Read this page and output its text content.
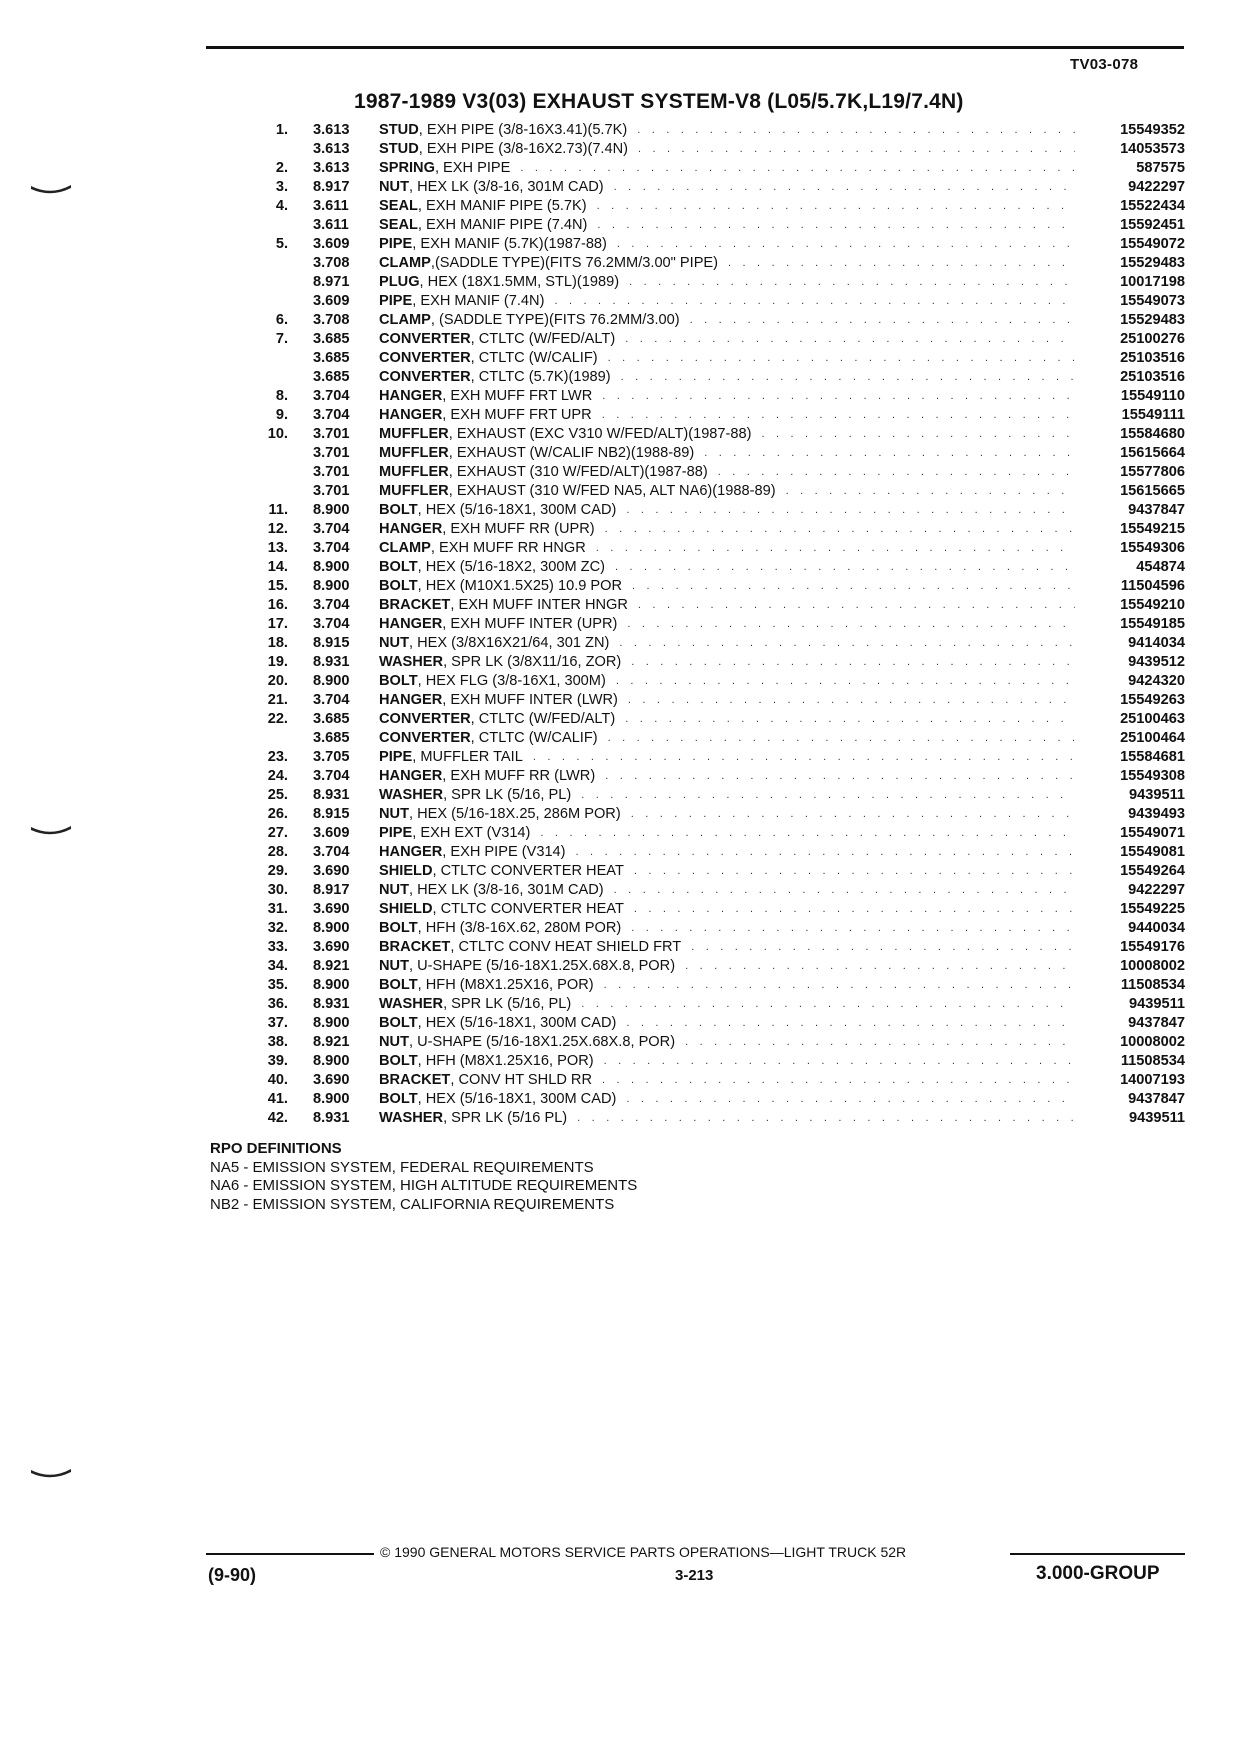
TV03-078
1987-1989 V3(03) EXHAUST SYSTEM-V8 (L05/5.7K,L19/7.4N)
1. 3.613	STUD , EXH PIPE (3/8-16X3.41)(5.7K) . . .	15549352
3.613	STUD , EXH PIPE (3/8-16X2.73)(7.4N) . . .	14053573
2. 3.613	SPRING , EXH PIPE . . .	587575
3. 8.917	NUT , HEX LK (3/8-16, 301M CAD) . . .	9422297
4. 3.611	SEAL , EXH MANIF PIPE (5.7K) . . .	15522434
3.611	SEAL , EXH MANIF PIPE (7.4N) . . .	15592451
5. 3.609	PIPE , EXH MANIF (5.7K)(1987-88) . . .	15549072
3.708	CLAMP ,(SADDLE TYPE)(FITS 76.2MM/3.00" PIPE) . . .	15529483
8.971	PLUG , HEX (18X1.5MM, STL)(1989) . . .	10017198
3.609	PIPE , EXH MANIF (7.4N) . . .	15549073
6. 3.708	CLAMP , (SADDLE TYPE)(FITS 76.2MM/3.00) . . .	15529483
7. 3.685	CONVERTER , CTLTC (W/FED/ALT) . . .	25100276
3.685	CONVERTER , CTLTC (W/CALIF) . . .	25103516
3.685	CONVERTER , CTLTC (5.7K)(1989) . . .	25103516
8. 3.704	HANGER , EXH MUFF FRT LWR . . .	15549110
9. 3.704	HANGER , EXH MUFF FRT UPR . . .	15549111
10. 3.701	MUFFLER , EXHAUST (EXC V310 W/FED/ALT)(1987-88) . . .	15584680
3.701	MUFFLER , EXHAUST (W/CALIF NB2)(1988-89) . . .	15615664
3.701	MUFFLER , EXHAUST (310 W/FED/ALT)(1987-88) . . .	15577806
3.701	MUFFLER , EXHAUST (310 W/FED NA5, ALT NA6)(1988-89) . . .	15615665
11. 8.900	BOLT , HEX (5/16-18X1, 300M CAD) . . .	9437847
12. 3.704	HANGER , EXH MUFF RR (UPR) . . .	15549215
13. 3.704	CLAMP , EXH MUFF RR HNGR . . .	15549306
14. 8.900	BOLT , HEX (5/16-18X2, 300M ZC) . . .	454874
15. 8.900	BOLT , HEX (M10X1.5X25) 10.9 POR . . .	11504596
16. 3.704	BRACKET , EXH MUFF INTER HNGR . . .	15549210
17. 3.704	HANGER , EXH MUFF INTER (UPR) . . .	15549185
18. 8.915	NUT , HEX (3/8X16X21/64, 301 ZN) . . .	9414034
19. 8.931	WASHER , SPR LK (3/8X11/16, ZOR) . . .	9439512
20. 8.900	BOLT , HEX FLG (3/8-16X1, 300M) . . .	9424320
21. 3.704	HANGER , EXH MUFF INTER (LWR) . . .	15549263
22. 3.685	CONVERTER , CTLTC (W/FED/ALT) . . .	25100463
3.685	CONVERTER , CTLTC (W/CALIF) . . .	25100464
23. 3.705	PIPE , MUFFLER TAIL . . .	15584681
24. 3.704	HANGER , EXH MUFF RR (LWR) . . .	15549308
25. 8.931	WASHER , SPR LK (5/16, PL) . . .	9439511
26. 8.915	NUT , HEX (5/16-18X.25, 286M POR) . . .	9439493
27. 3.609	PIPE , EXH EXT (V314) . . .	15549071
28. 3.704	HANGER , EXH PIPE (V314) . . .	15549081
29. 3.690	SHIELD , CTLTC CONVERTER HEAT . . .	15549264
30. 8.917	NUT , HEX LK (3/8-16, 301M CAD) . . .	9422297
31. 3.690	SHIELD , CTLTC CONVERTER HEAT . . .	15549225
32. 8.900	BOLT , HFH (3/8-16X.62, 280M POR) . . .	9440034
33. 3.690	BRACKET , CTLTC CONV HEAT SHIELD FRT . . .	15549176
34. 8.921	NUT , U-SHAPE (5/16-18X1.25X.68X.8, POR) . . .	10008002
35. 8.900	BOLT , HFH (M8X1.25X16, POR) . . .	11508534
36. 8.931	WASHER , SPR LK (5/16, PL) . . .	9439511
37. 8.900	BOLT , HEX (5/16-18X1, 300M CAD) . . .	9437847
38. 8.921	NUT , U-SHAPE (5/16-18X1.25X.68X.8, POR) . . .	10008002
39. 8.900	BOLT , HFH (M8X1.25X16, POR) . . .	11508534
40. 3.690	BRACKET , CONV HT SHLD RR . . .	14007193
41. 8.900	BOLT , HEX (5/16-18X1, 300M CAD) . . .	9437847
42. 8.931	WASHER , SPR LK (5/16 PL) . . .	9439511
RPO DEFINITIONS
NA5 - EMISSION SYSTEM, FEDERAL REQUIREMENTS
NA6 - EMISSION SYSTEM, HIGH ALTITUDE REQUIREMENTS
NB2 - EMISSION SYSTEM, CALIFORNIA REQUIREMENTS
© 1990 GENERAL MOTORS SERVICE PARTS OPERATIONS—LIGHT TRUCK 52R
(9-90)	3-213	3.000-GROUP
